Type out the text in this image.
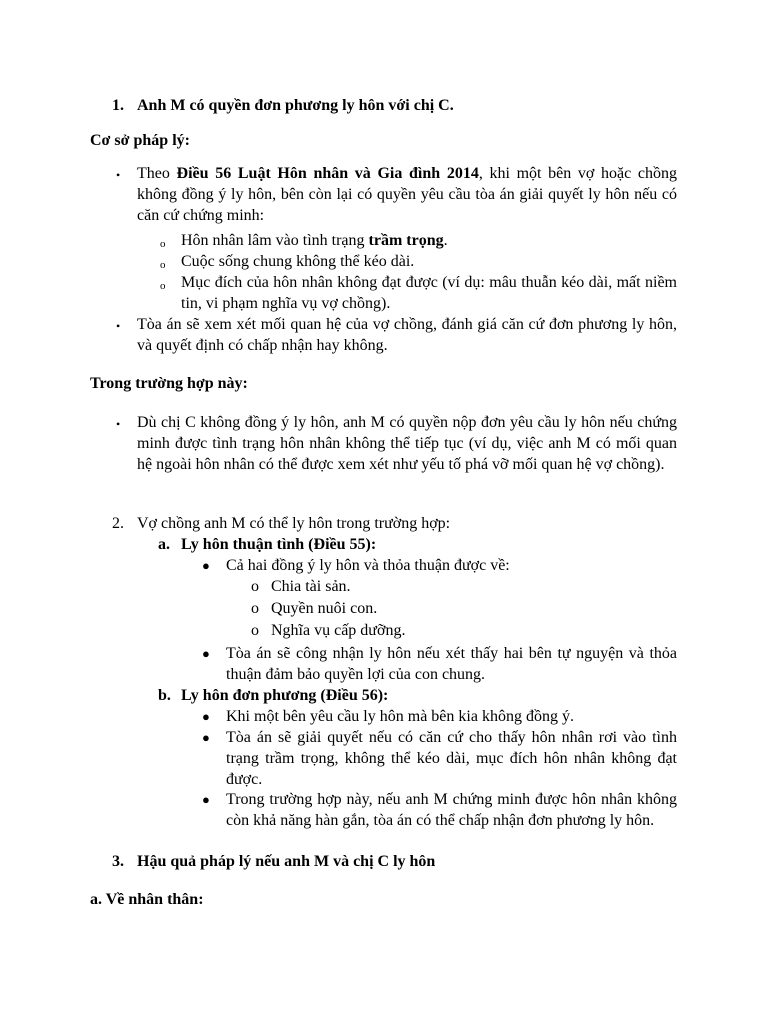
1. Anh M có quyền đơn phương ly hôn với chị C.
Cơ sở pháp lý:
• Theo Điều 56 Luật Hôn nhân và Gia đình 2014, khi một bên vợ hoặc chồng không đồng ý ly hôn, bên còn lại có quyền yêu cầu tòa án giải quyết ly hôn nếu có căn cứ chứng minh:
o Hôn nhân lâm vào tình trạng trầm trọng.
o Cuộc sống chung không thể kéo dài.
o Mục đích của hôn nhân không đạt được (ví dụ: mâu thuẫn kéo dài, mất niềm tin, vi phạm nghĩa vụ vợ chồng).
• Tòa án sẽ xem xét mối quan hệ của vợ chồng, đánh giá căn cứ đơn phương ly hôn, và quyết định có chấp nhận hay không.
Trong trường hợp này:
• Dù chị C không đồng ý ly hôn, anh M có quyền nộp đơn yêu cầu ly hôn nếu chứng minh được tình trạng hôn nhân không thể tiếp tục (ví dụ, việc anh M có mối quan hệ ngoài hôn nhân có thể được xem xét như yếu tố phá vỡ mối quan hệ vợ chồng).
2. Vợ chồng anh M có thể ly hôn trong trường hợp:
a. Ly hôn thuận tình (Điều 55):
● Cả hai đồng ý ly hôn và thỏa thuận được về:
o Chia tài sản.
o Quyền nuôi con.
o Nghĩa vụ cấp dưỡng.
● Tòa án sẽ công nhận ly hôn nếu xét thấy hai bên tự nguyện và thỏa thuận đảm bảo quyền lợi của con chung.
b. Ly hôn đơn phương (Điều 56):
● Khi một bên yêu cầu ly hôn mà bên kia không đồng ý.
● Tòa án sẽ giải quyết nếu có căn cứ cho thấy hôn nhân rơi vào tình trạng trầm trọng, không thể kéo dài, mục đích hôn nhân không đạt được.
● Trong trường hợp này, nếu anh M chứng minh được hôn nhân không còn khả năng hàn gắn, tòa án có thể chấp nhận đơn phương ly hôn.
3. Hậu quả pháp lý nếu anh M và chị C ly hôn
a. Về nhân thân:
